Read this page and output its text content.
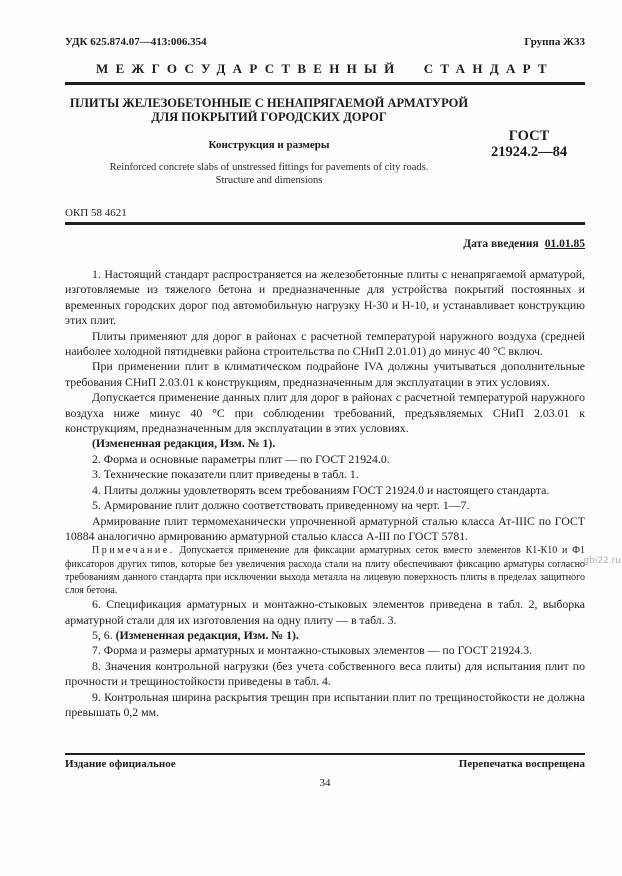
УДК 625.874.07—413:006.354	Группа Ж33
МЕЖГОСУДАРСТВЕННЫЙ СТАНДАРТ
ПЛИТЫ ЖЕЛЕЗОБЕТОННЫЕ С НЕНАПРЯГАЕМОЙ АРМАТУРОЙ
ДЛЯ ПОКРЫТИЙ ГОРОДСКИХ ДОРОГ
Конструкция и размеры
Reinforced concrete slabs of unstressed fittings for pavements of city roads.
Structure and dimensions
ГОСТ
21924.2—84
ОКП 58 4621
Дата введения 01.01.85

1. Настоящий стандарт распространяется на железобетонные плиты с ненапрягаемой арматурой, изготовляемые из тяжелого бетона и предназначенные для устройства покрытий постоянных и временных городских дорог под автомобильную нагрузку Н-30 и Н-10, и устанавливает конструкцию этих плит.

Плиты применяют для дорог в районах с расчетной температурой наружного воздуха (средней наиболее холодной пятидневки района строительства по СНиП 2.01.01) до минус 40 °С включ.

При применении плит в климатическом подрайоне IVA должны учитываться дополнительные требования СНиП 2.03.01 к конструкциям, предназначенным для эксплуатации в этих условиях.

Допускается применение данных плит для дорог в районах с расчетной температурой наружного воздуха ниже минус 40 °С при соблюдении требований, предъявляемых СНиП 2.03.01 к конструкциям, предназначенным для эксплуатации в этих условиях.

(Измененная редакция, Изм. № 1).

2. Форма и основные параметры плит — по ГОСТ 21924.0.

3. Технические показатели плит приведены в табл. 1.

4. Плиты должны удовлетворять всем требованиям ГОСТ 21924.0 и настоящего стандарта.

5. Армирование плит должно соответствовать приведенному на черт. 1—7.

Армирование плит термомеханически упрочненной арматурной сталью класса Ат-IIIС по ГОСТ 10884 аналогично армированию арматурной сталью класса А-III по ГОСТ 5781.

Примечание. Допускается применение для фиксации арматурных сеток вместо элементов К1-К10 и Ф1 фиксаторов других типов, которые без увеличения расхода стали на плиту обеспечивают фиксацию арматуры согласно требованиям данного стандарта при исключении выхода металла на лицевую поверхность плиты в пределах защитного слоя бетона.

6. Спецификация арматурных и монтажно-стыковых элементов приведена в табл. 2, выборка арматурной стали для их изготовления на одну плиту — в табл. 3.

5, 6. (Измененная редакция, Изм. № 1).

7. Форма и размеры арматурных и монтажно-стыковых элементов — по ГОСТ 21924.3.

8. Значения контрольной нагрузки (без учета собственного веса плиты) для испытания плит по прочности и трещиностойкости приведены в табл. 4.

9. Контрольная ширина раскрытия трещин при испытании плит по трещиностойкости не должна превышать 0,2 мм.

Издание официальное	Перепечатка воспрещена
34
gbi22.ru
